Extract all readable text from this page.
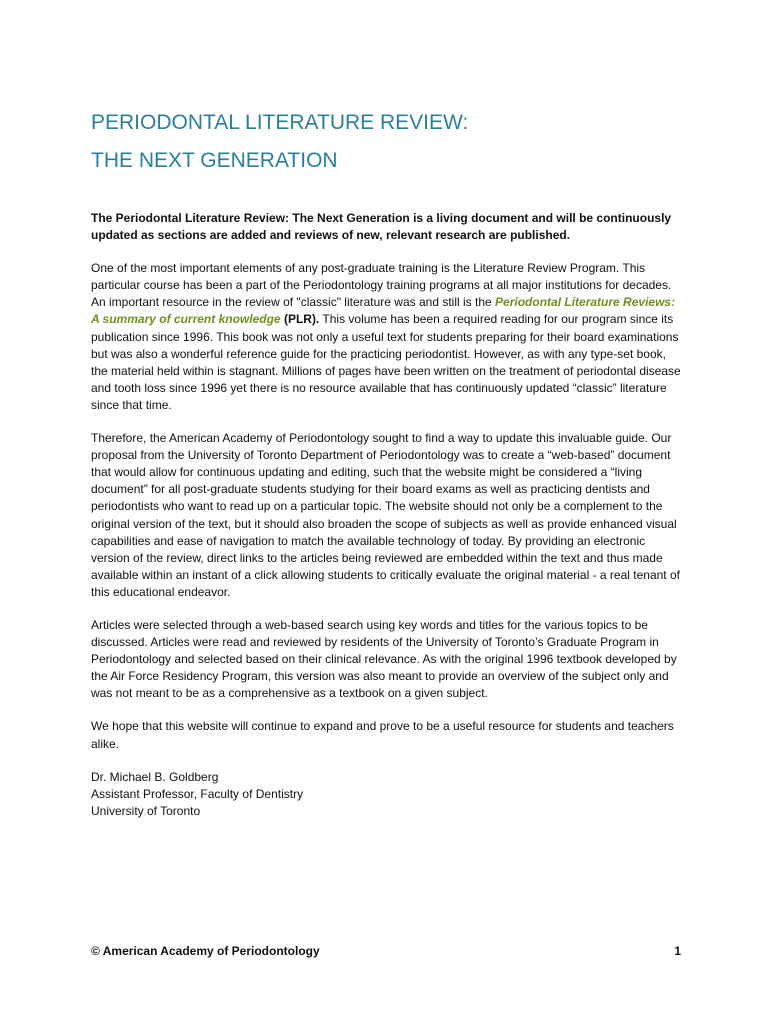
PERIODONTAL LITERATURE REVIEW:
THE NEXT GENERATION

The Periodontal Literature Review: The Next Generation is a living document and will be continuously updated as sections are added and reviews of new, relevant research are published.

One of the most important elements of any post-graduate training is the Literature Review Program. This particular course has been a part of the Periodontology training programs at all major institutions for decades. An important resource in the review of "classic" literature was and still is the Periodontal Literature Reviews: A summary of current knowledge (PLR). This volume has been a required reading for our program since its publication since 1996. This book was not only a useful text for students preparing for their board examinations but was also a wonderful reference guide for the practicing periodontist. However, as with any type-set book, the material held within is stagnant. Millions of pages have been written on the treatment of periodontal disease and tooth loss since 1996 yet there is no resource available that has continuously updated “classic” literature since that time.

Therefore, the American Academy of Periodontology sought to find a way to update this invaluable guide. Our proposal from the University of Toronto Department of Periodontology was to create a “web-based” document that would allow for continuous updating and editing, such that the website might be considered a “living document” for all post-graduate students studying for their board exams as well as practicing dentists and periodontists who want to read up on a particular topic. The website should not only be a complement to the original version of the text, but it should also broaden the scope of subjects as well as provide enhanced visual capabilities and ease of navigation to match the available technology of today. By providing an electronic version of the review, direct links to the articles being reviewed are embedded within the text and thus made available within an instant of a click allowing students to critically evaluate the original material - a real tenant of this educational endeavor.

Articles were selected through a web-based search using key words and titles for the various topics to be discussed. Articles were read and reviewed by residents of the University of Toronto’s Graduate Program in Periodontology and selected based on their clinical relevance. As with the original 1996 textbook developed by the Air Force Residency Program, this version was also meant to provide an overview of the subject only and was not meant to be as a comprehensive as a textbook on a given subject.

We hope that this website will continue to expand and prove to be a useful resource for students and teachers alike.

Dr. Michael B. Goldberg
Assistant Professor, Faculty of Dentistry
University of Toronto

© American Academy of Periodontology	1
